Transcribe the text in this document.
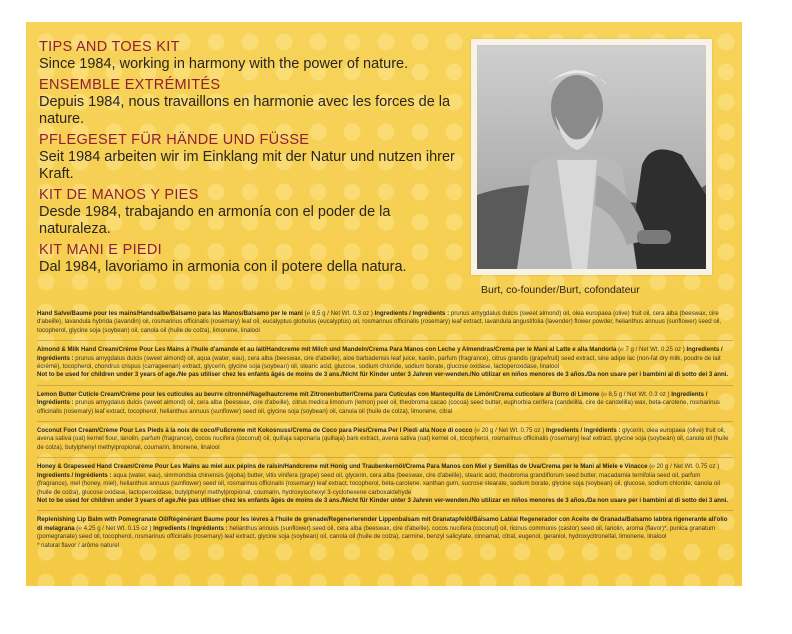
TIPS AND TOES KIT

Since 1984, working in harmony with the power of nature.

ENSEMBLE EXTRÉMITÉS

Depuis 1984, nous travaillons en harmonie avec les forces de la nature.

PFLEGESET FÜR HÄNDE UND FÜSSE

Seit 1984 arbeiten wir im Einklang mit der Natur und nutzen ihrer Kraft.

KIT DE MANOS Y PIES

Desde 1984, trabajando en armonía con el poder de la naturaleza.

KIT MANI E PIEDI

Dal 1984, lavoriamo in armonia con il potere della natura.

Burt, co-founder/Burt, cofondateur

Hand Salve/Baume pour les mains/Handsalbe/Bálsamo para las Manos/Balsamo per le mani (℮ 8,5 g / Net Wt. 0,3 oz ) Ingredients / Ingrédients : prunus amygdalus dulcis (sweet almond) oil, olea europaea (olive) fruit oil, cera alba (beeswax, cire d'abeille), lavandula hybrida (lavandin) oil, rosmarinus officinalis (rosemary) leaf oil, eucalyptus globulus (eucalyptus) oil, rosmarinus officinalis (rosemary) leaf extract, lavandula angustifolia (lavender) flower powder, helianthus annuus (sunflower) seed oil, tocopherol, glycine soja (soybean) oil, canola oil (huile de colza), limonene, linalool

Almond & Milk Hand Cream/Crème Pour Les Mains à l'huile d'amande et au lait/Handcreme mit Milch und Mandeln/Crema Para Manos con Leche y Almendras/Crema per le Mani al Latte e alla Mandorla (℮ 7 g / Net Wt. 0.25 oz ) Ingredients / Ingrédients : prunus amygdalus dulcis (sweet almond) oil, aqua (water, eau), cera alba (beeswax, cire d'abeille), aloe barbadensis leaf juice, kaolin, parfum (fragrance), citrus grandis (grapefruit) seed extract, sine adipe lac (non-fat dry milk, poudre de lait écrémé), tocopherol, chondrus crispus (carrageenan) extract, glycerin, glycine soja (soybean) oil, stearic acid, glucose, sodium chloride, sodium borate, glucose oxidase, lactoperoxidase, linalool
Not to be used for children under 3 years of age./Ne pas utiliser chez les enfants âgés de moins de 3 ans./Nicht für Kinder unter 3 Jahren ver-wenden./No utilizar en niños menores de 3 años./Da non usare per i bambini al di sotto dei 3 anni.

Lemon Butter Cuticle Cream/Crème pour les cuticules au beurre citronné/Nagelhautcreme mit Zitronenbutter/Crema para Cutículas con Mantequilla de Limón/Crema cuticolare al Burro di Limone (℮ 8,5 g / Net Wt. 0.3 oz ) Ingredients / Ingrédients : prunus amygdalus dulcis (sweet almond) oil, cera alba (beeswax, cire d'abeille), citrus medica limonum (lemon) peel oil, theobroma cacao (cocoa) seed butter, euphorbia cerifera (candelilla, cire de candelilla) wax, beta-carotene, rosmarinus officinalis (rosemary) leaf extract, tocopherol, helianthus annuus (sunflower) seed oil, glycine soja (soybean) oil, canola oil (huile de colza), limonene, citral

Coconut Foot Cream/Crème Pour Les Pieds à la noix de coco/Fußcreme mit Kokosnuss/Crema de Coco para Pies/Crema Per I Piedi alla Noce di cocco (℮ 20 g / Net Wt. 0.75 oz ) Ingredients / Ingrédients : glycerin, olea europaea (olive) fruit oil, avena sativa (oat) kernel flour, lanolin, parfum (fragrance), cocos nucifera (coconut) oil, quillaja saponaria (quillaja) bark extract, avena sativa (oat) kernel oil, tocopherol, rosmarinus officinalis (rosemary) leaf extract, glycine soja (soybean) oil, canola oil (huile de colza), butylphenyl methylpropional, coumarin, limonene, linalool

Honey & Grapeseed Hand Cream/Crème Pour Les Mains au miel aux pépins de raisin/Handcreme mit Honig und Traubenkernöl/Crema Para Manos con Miel y Semillas de Uva/Crema per le Mani al Miele e Vinacce (℮ 20 g / Net Wt. 0.75 oz ) Ingredients / Ingrédients : aqua (water, eau), simmondsia chinensis (jojoba) butter, vitis vinifera (grape) seed oil, glycerin, cera alba (beeswax, cire d'abeille), stearic acid, theobroma grandiflorum seed butter, macadamia ternifolia seed oil, parfum (fragrance), mel (honey, miel), helianthus annuus (sunflower) seed oil, rosmarinus officinalis (rosemary) leaf extract, tocopherol, beta-carotene, xanthan gum, sucrose stearate, sodium borate, glycine soja (soybean) oil, glucose, sodium chloride, canola oil (huile de colza), glucose oxidase, lactoperoxidase, butylphenyl methylpropional, coumarin, hydroxyisohexyl 3-cyclohexene carboxaldehyde
Not to be used for children under 3 years of age./Ne pas utiliser chez les enfants âgés de moins de 3 ans./Nicht für Kinder unter 3 Jahren ver-wenden./No utilizar en niños menores de 3 años./Da non usare per i bambini al di sotto dei 3 anni.

Replenishing Lip Balm with Pomegranate Oil/Régénérant Baume pour les lèvres à l'huile de grenade/Regenerierender Lippenbalsam mit Granatapfelöl/Bálsamo Labial Regenerador con Aceite de Granada/Balsamo labbra rigenerante all'olio di melagrana (℮ 4,25 g / Net Wt. 0.15 oz ) Ingredients / Ingrédients : helianthus annuus (sunflower) seed oil, cera alba (beeswax, cire d'abeille), cocos nucifera (coconut) oil, ricinus communis (castor) seed oil, lanolin, aroma (flavor)*, punica granatum (pomegranate) seed oil, tocopherol, rosmarinus officinalis (rosemary) leaf extract, glycine soja (soybean) oil, canola oil (huile de colza), carmine, benzyl salicylate, cinnamal, citral, eugenol, geraniol, hydroxycitronellal, limonene, linalool
* natural flavor / arôme naturel
